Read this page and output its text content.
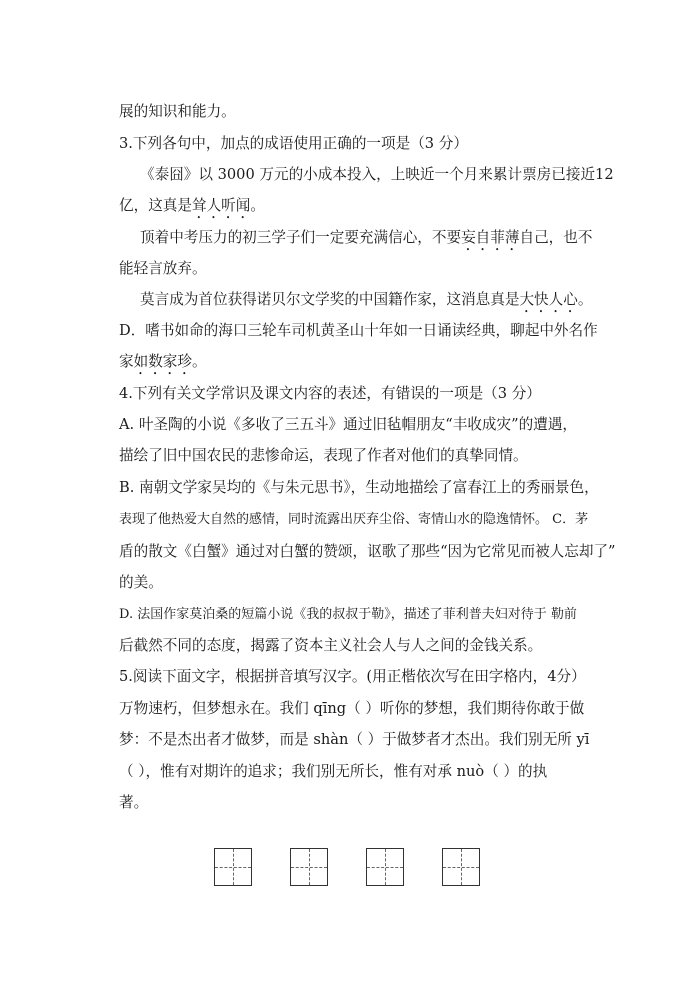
展的知识和能力。
3.下列各句中，加点的成语使用正确的一项是（3 分）
《泰囧》以 3000 万元的小成本投入，上映近一个月来累计票房已接近12
亿，这真是耸人听闻。
顶着中考压力的初三学子们一定要充满信心，不要妄自菲薄自己，也不
能轻言放弃。
莫言成为首位获得诺贝尔文学奖的中国籍作家，这消息真是大快人心。
D．嗜书如命的海口三轮车司机黄圣山十年如一日诵读经典，聊起中外名作
家如数家珍。
4.下列有关文学常识及课文内容的表述，有错误的一项是（3 分）
A. 叶圣陶的小说《多收了三五斗》通过旧毡帽朋友“丰收成灾”的遭遇，
描绘了旧中国农民的悲惨命运，表现了作者对他们的真挚同情。
B. 南朝文学家吴均的《与朱元思书》，生动地描绘了富春江上的秀丽景色，
表现了他热爱大自然的感情，同时流露出厌弃尘俗、寄情山水的隐逸情怀。 C．茅
盾的散文《白蟹》通过对白蟹的赞颂，讴歌了那些“因为它常见而被人忘却了”
的美。
D. 法国作家莫泊桑的短篇小说《我的叔叔于勒》，描述了菲利普夫妇对待于 勒前
后截然不同的态度，揭露了资本主义社会人与人之间的金钱关系。
5.阅读下面文字，根据拼音填写汉字。(用正楷依次写在田字格内，4分）
万物速朽，但梦想永在。我们 qīng（ ）听你的梦想，我们期待你敢于做
梦：不是杰出者才做梦，而是 shàn（ ）于做梦者才杰出。我们别无所 yī
（ ），惟有对期许的追求；我们别无所长，惟有对承 nuò（ ）的执
著。
